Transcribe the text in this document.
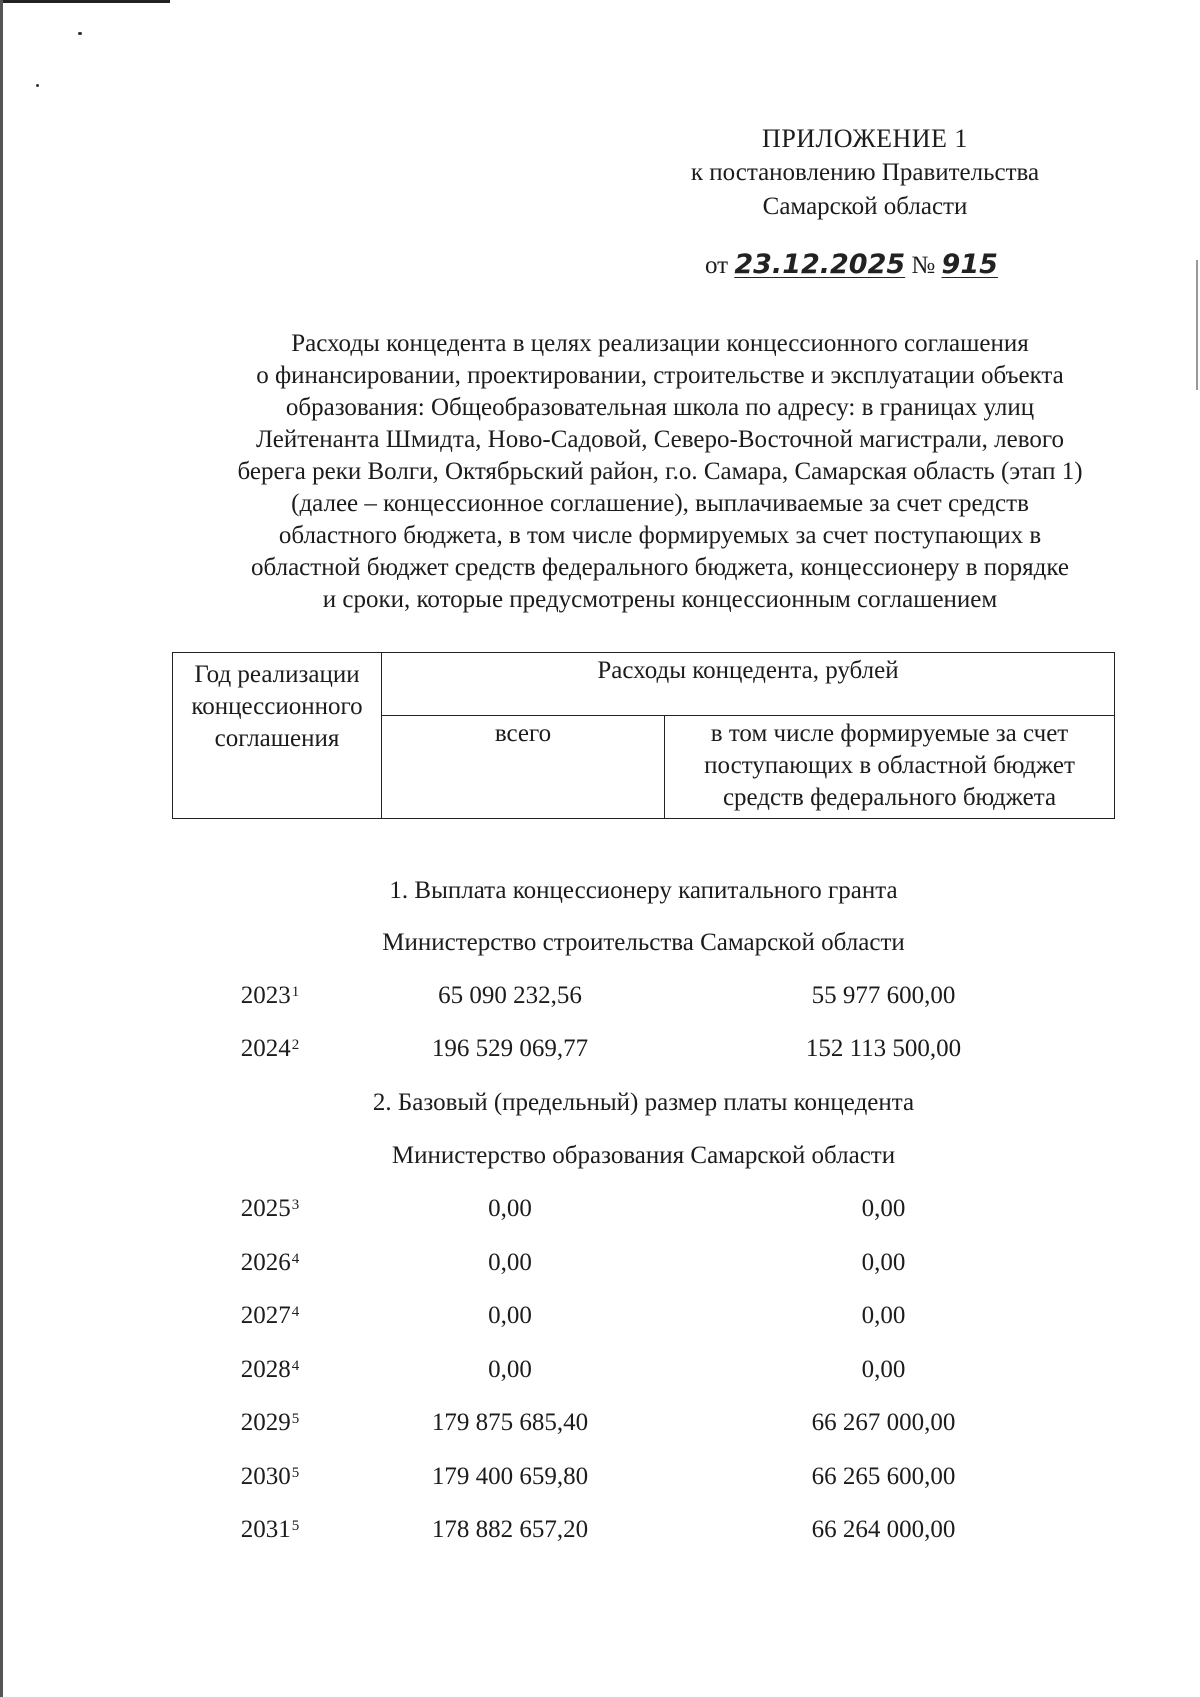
ПРИЛОЖЕНИЕ 1
к постановлению Правительства
Самарской области
от 23.12.2025 № 915

Расходы концедента в целях реализации концессионного соглашения

о финансировании, проектировании, строительстве и эксплуатации объекта

образования: Общеобразовательная школа по адресу: в границах улиц

Лейтенанта Шмидта, Ново-Садовой, Северо-Восточной магистрали, левого

берега реки Волги, Октябрьский район, г.о. Самара, Самарская область (этап 1)

(далее – концессионное соглашение), выплачиваемые за счет средств

областного бюджета, в том числе формируемых за счет поступающих в

областной бюджет средств федерального бюджета, концессионеру в порядке

и сроки, которые предусмотрены концессионным соглашением

Год реализации концессионного соглашения	Расходы концедента, рублей	
	всего	в том числе формируемые за счет поступающих в областной бюджет средств федерального бюджета
1. Выплата концессионеру капитального гранта
Министерство строительства Самарской области
2023$^1$	65 090 232,56	55 977 600,00
2024$^2$	196 529 069,77	152 113 500,00
2. Базовый (предельный) размер платы концедента
Министерство образования Самарской области
2025$^3$	0,00	0,00
2026$^4$	0,00	0,00
2027$^4$	0,00	0,00
2028$^4$	0,00	0,00
2029$^5$	179 875 685,40	66 267 000,00
2030$^5$	179 400 659,80	66 265 600,00
2031$^5$	178 882 657,20	66 264 000,00
